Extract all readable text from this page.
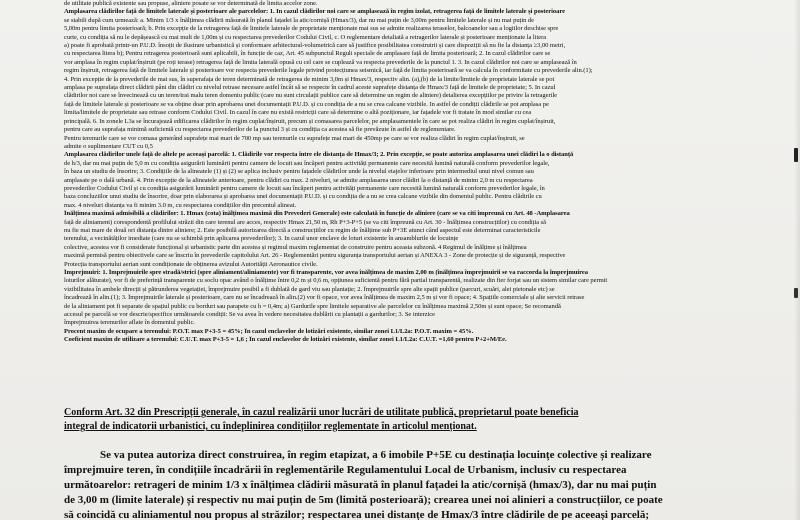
de utilitate publică existente sau propuse, aliniere posate se vor determinată de limita accelor zone.
Amplasarea clădirilor față de limitele laterale și posterioare ale parcelelor: 1. In cazul clădirilor noi care se amplasează în regim izolat, retragerea față de limitele laterale și posterioare
se stabili după cum urmează: a. Minim 1/3 x înălțimea clădirii măsurată în planul fațadei la atic/cornișă (Hmax/3), dar nu mai puțin de 3,00m pentru limitele laterale și nu mai puțin de
5,00m pentru limita posterioară; b. Prin excepție de la retragerea față de limitele laterale de proprietate menționate mai sus se admite realizarea teraselor, balcoanelor sau a logiilor deschise spre
curte, cu condiția să nu le depășească cu mai mult de 1,00m și cu respectarea prevederilor Codului Civil, c. O reglementare detaliată a retragerilor laterale și posterioare menționate la litera
a) poate fi aprobată printr-un P.U.D. însoțit de ilustrare urbanistică și conformare arhitectural-volumetrică care să justifice posibilitatea construirii și care dispoziții să nu fie la distanța ≥3,00 metri,
cu respectarea litera b); Pentru retragerea posterioară sunt aplicabili, în funcție de caz, Art. 45 subpunctul Reguli speciale de amplasare față de limita posterioară; 2. In cazul clădirilor care se
vor amplasa în regim cuplat/înșiruit (pe roți terase) retragerea față de limita laterală opusă cu cel care se cuplează va respecta prevederile de la punctul 1. 3. In cazul clădirilor noi care se amplasează în
regim înșiruit, retragerea față de limitele laterale și posterioare vor respecta prevederile legale privind protecțiunea seismică, iar față de limita posterioară se va calcula în conformitate cu prevederile alin.(1);
4. Prin excepție de la prevederile de mai sus, în superafața de teren determinată de retragerea de minim 3,0m și Hmax/3, respectiv alin. (a),(b) de la limite/limitele de proprietate laterale se pot
amplasa pe suprafața direct clădirii pâni din clădiri cu nivelul retrase necesare astfel încât să se respecte în cadrul aceste suprafețe distanța de Hmax/3 față de limitele de proprietate; 5. In cazul
clădirilor noi care se învecinează cu un teren/trai malu teren domeniu public (care nu sunt circulații publice care să determine un regim de aliniere) detalierea excepțiilor pe privire la retragerile
față de limitele laterale și posterioare se va obține doar prin aprobarea unei documentații P.U.D. și cu condiția de a nu se crea calcane vizibile. In astfel de condiții clădirile se pot amplasa pe
limita/limitele de proprietate sau retrase conform Codului Civil. In cazul în care nu există restricții care să determine o altă poziționare, iar fațadele vor fi tratate în mod similar cu cea
principală. 6. In zonele L3a se încurajează edificarea clădirilor în regim cuplat/înșiruit, precum și comasarea parcelelor, pe amplasamentele în care se pot realiza clădiri în regim cuplat/înșiruit,
pentru care au suprafața minimă suficientă cu respectarea prevederilor de la punctul 3 și cu condiția ca acestea să fie prevăzute în astfel de reglementare.
Pentru terenurile care se vor comasa generând suprafețe mai mari de 700 mp sau terenurile cu suprafețe mai mari de 450mp pe care se vor realiza clădiri în regim cuplat/înșiruit, se
admite o suplimentare CUT cu 0,5
Amplasarea clădirilor unele față de altele pe aceeași parcelă: 1. Clădirile vor respecta între ele distanța de Hmax/3; 2. Prin excepție, se poate autoriza amplasarea unei clădiri la o distanță
de h/3, dar nu mai puțin de 5,0 m cu condiția asigurării luminării pentru camere de locuit sau încăperi pentru activități permanente care necesită lumină naturală conform prevederilor legale,
în baza un studiu de însorire; 3. Condițiile de la alineatele (1) și (2) se aplica inclusiv pentru fațadele clădirilor unde la nivelul etajelor inferioare prin intermediul unui nivel comun sau
amplasate pe o dală urbană. 4. Prin excepție de la alineatele anterioare, pentru clădiri cu max. 2 niveluri, se admite amplasarea unor clădiri la o distanță de minim 2,0 m cu respectarea
prevederilor Codului Civil și cu condiția asigurării luminării pentru camere de locuit sau încăperi pentru activități permanente care necesită lumină naturală conform prevederilor legale, în
baza concluziilor unui studiu de însorire, doar prin elaborarea și aprobarea unei documentații P.U.D. și cu condiția de a nu se crea calcane vizibile din domeniul public. Pentru clădirile cu
max. 4 niveluri distanța va fi minim 3.0 m, cu respectarea condițiilor din precentul alineat.
Înălțimea maximă admisibilă a clădirilor: 1. Hmax (cota) înălțimea maximă din Prevederi Generale) este calculată în funcție de aliniere (care se va citi împreună cu Art. 48 -Amplasarea
față de aliniament) corespondentă profilului străzii din care terenul are acces, respectiv Hmax 21,50 m, Rh P+3-P+5 (se va citi împreună cu Art. 30 - Înălțimea construcțiilor) cu condiția să
nu fie mai mare de două ori distanța dintre aliniere; 2. Este posibilă autorizarea directă a construcțiilor cu regim de înălțime sub P+3E atunci când aspectul este determinat caracteristicile
terenului, a vecinătăților imediate (care nu se schimbă prin aplicarea prevederilor); 3. In cazul unor enclave de loturi existente în ansamblurile de locuințe
colective, acestea vor fi considerate funcțional și urbanistic parte din acestea și regimul maxim reglementat de construire pentru aceasta subzonă. 4 Regimul de înălțime și înălțimea
maximă permisă pentru obiectivele care se înscriu în prevederile capitolului Art. 26 - Reglementări pentru siguranța transportului aerian și ANEXA 3 - Zone de protecție și de siguranță, respective
Protecția transportului aerian sunt condiționate de obținerea avizului Autorității Aeronautice civile.
Împrejmuiri: 1. Împrejmuirile spre stradă/strici (spre aliniament/aliniamente) vor fi transparente, vor avea înălțimea de maxim 2,00 m (înălțimea împrejmuirii se va raccorda la împrejmuirea
loturilor alăturate), vor fi de preferință transparente cu soclu opac având o înălțime între 0,2 m și 0,6 m, opțiunea suficientă pentru fără partial transparentă, realizate din fier forjat sau un sistem similar care permit
vizibilitatea în ambele direcții și pătrunderea vegetației, împrejmuire posibil a fi dublată de gard viu sau plantație; 2. Împrejmuirile spre alte spații publice (parcuri, scuări, alei pietonale etc) se
încadrează în alin.(1); 3. Împrejmuirile laterale și posterioare, care nu se încadrează în alin.(2) vor fi opace, vor avea înălțimea de maxim 2,5 m și vor fi opace; 4. Spațiile comerciale și alte servicii retrase
de la aliniament pot fi separate de spațiul public cu borduri sau parapete cu h = 0,4m; a) Gardurile spre limitele separative ale parcelelor cu înălțimea maximă 2,50m și sunt opace; Se recomandă
accesul pe parcelă se vor descrie/specifice următoarele condiții: Se va avea în vedere necesitatea dublării cu plantații a gardurilor; 3. Se interzice
împrejmuirea terenurilor aflate în domeniul public.
Procent maxim de ocupare a terenului: P.O.T. max P+3-5 = 45%; În cazul enclavelor de lotizări existente, similar zonei L1/L2a: P.O.T. maxim = 45%.
Coeficient maxim de utilizare a terenului: C.U.T. max P+3-5 = 1,6 ; În cazul enclavelor de lotizări existente, similar zonei L1/L2a: C.U.T. =1,60 pentru P+2+M/Ee.
Conform Art. 32 din Prescripții generale, în cazul realizării unor lucrări de utilitate publică, proprietarul poate beneficia
integral de indicatorii urbanistici, cu îndeplinirea condițiilor reglementate în articolul menționat.
Se va putea autoriza direct construirea, în regim etapizat, a 6 imobile P+5E cu destinația locuințe colective și realizare
împrejmuire teren, în condițiile încadrării în reglementările Regulamentului Local de Urbanism, inclusiv cu respectarea
următoarelor: retrageri de minim 1/3 x înălțimea clădirii măsurată în planul fațadei la atic/cornișă (hmax/3), dar nu mai puțin
de 3,00 m (limite laterale) și respectiv nu mai puțin de 5m (limită posterioară); crearea unei noi alinieri a construcțiilor, ce poate
să coincidă cu aliniamentul nou propus al străzilor; respectarea unei distanțe de Hmax/3 între clădirile de pe aceeași parcelă;
